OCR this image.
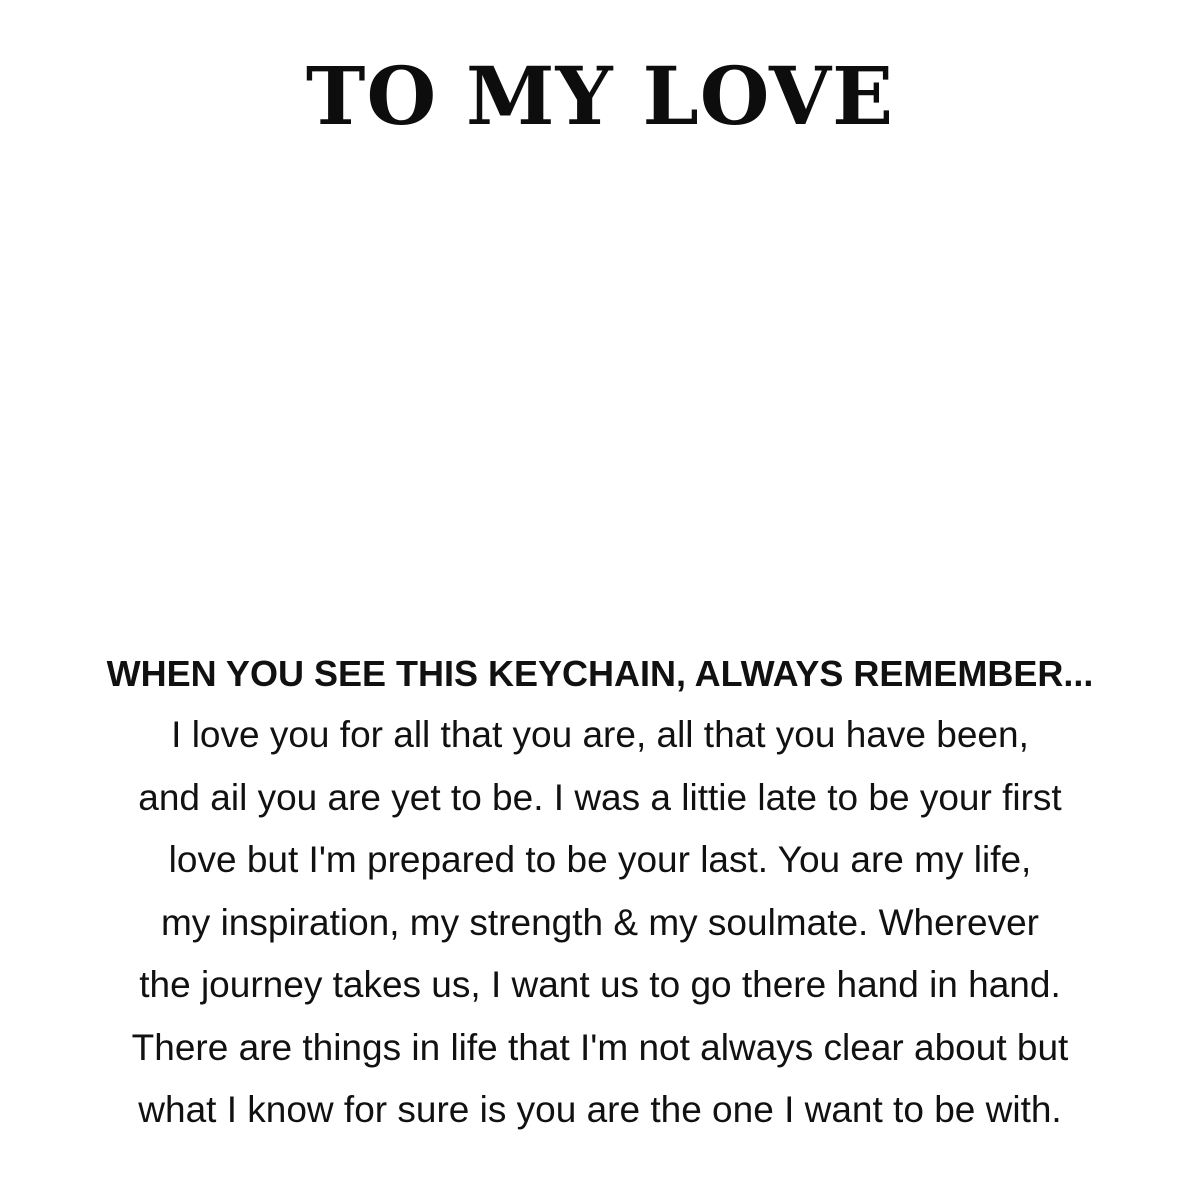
TO MY LOVE
WHEN YOU SEE THIS KEYCHAIN, ALWAYS REMEMBER...
I love you for all that you are, all that you have been,
and ail you are yet to be. I was a littie late to be your first
love but I'm prepared to be your last. You are my life,
my inspiration, my strength & my soulmate. Wherever
the journey takes us, I want us to go there hand in hand.
There are things in life that I'm not always clear about but
what I know for sure is you are the one I want to be with.
